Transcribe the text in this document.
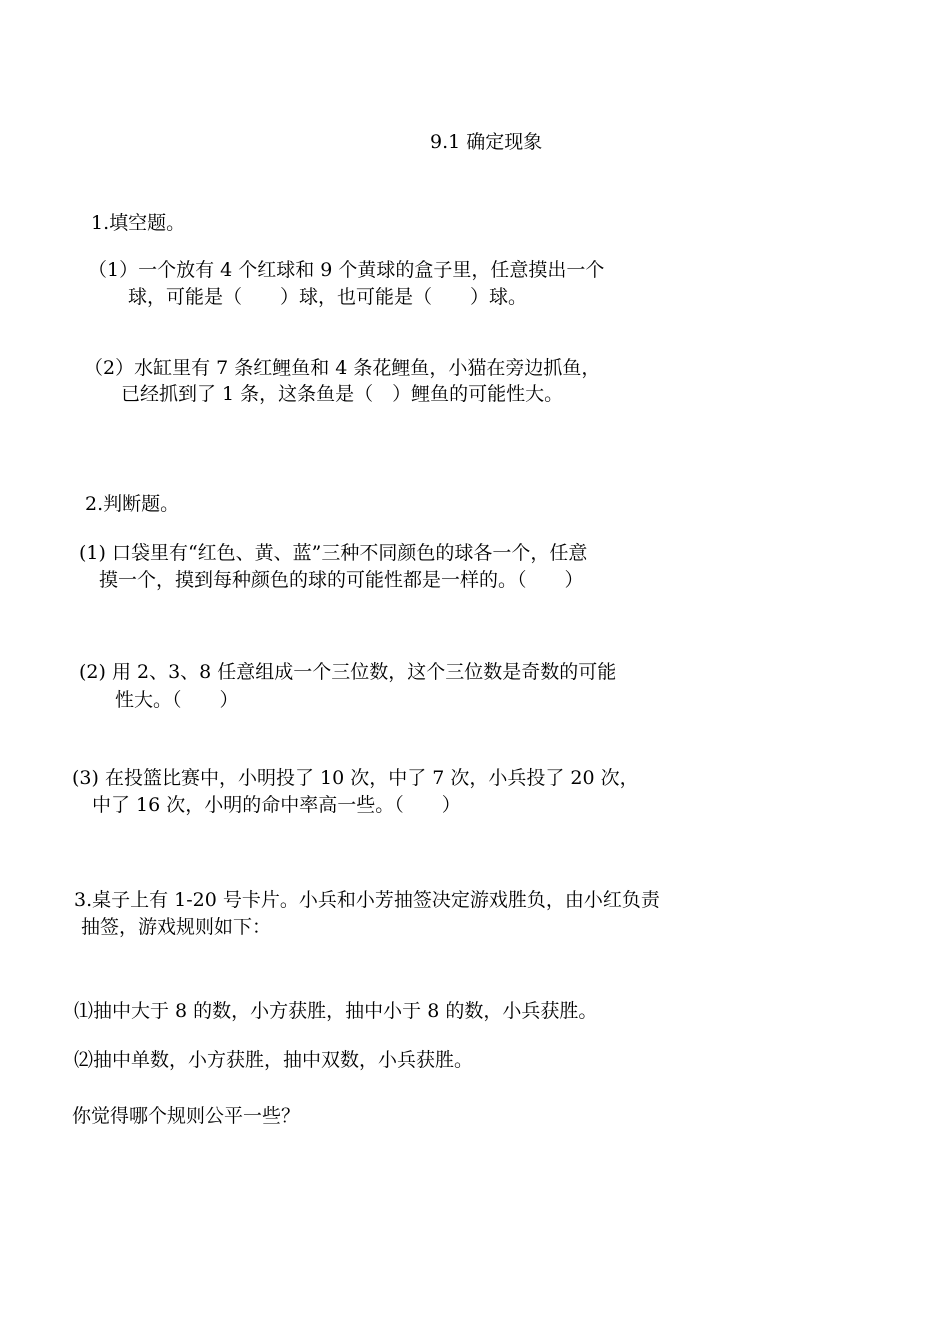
9.1 确定现象
1.填空题。
（1）一个放有 4 个红球和 9 个黄球的盒子里，任意摸出一个
球，可能是（　　）球，也可能是（　　）球。
（2）水缸里有 7 条红鲤鱼和 4 条花鲤鱼，小猫在旁边抓鱼，
已经抓到了 1 条，这条鱼是（　）鲤鱼的可能性大。
2.判断题。
(1) 口袋里有“红色、黄、蓝”三种不同颜色的球各一个，任意
摸一个，摸到每种颜色的球的可能性都是一样的。（　　）
(2) 用 2、3、8 任意组成一个三位数，这个三位数是奇数的可能
性大。（　　）
(3) 在投篮比赛中，小明投了 10 次，中了 7 次，小兵投了 20 次，
中了 16 次，小明的命中率高一些。（　　）
3.桌子上有 1-20 号卡片。小兵和小芳抽签决定游戏胜负，由小红负责
抽签，游戏规则如下：
⑴抽中大于 8 的数，小方获胜，抽中小于 8 的数，小兵获胜。
⑵抽中单数，小方获胜，抽中双数，小兵获胜。
你觉得哪个规则公平一些？
